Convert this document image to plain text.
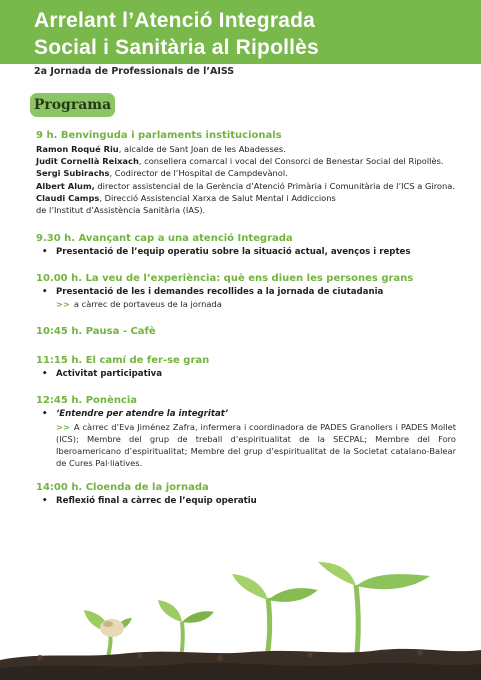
Arrelant l’Atenció Integrada
Social i Sanitària al Ripollès
2a Jornada de Professionals de l’AISS
Programa

9 h. Benvinguda i parlaments institucionals

Ramon Roqué Riu, alcalde de Sant Joan de les Abadesses.

Judit Cornellà Reixach, consellera comarcal i vocal del Consorci de Benestar Social del Ripollès.

Sergi Subirachs, Codirector de l’Hospital de Campdevànol.

Albert Alum, director assistencial de la Gerència d’Atenció Primària i Comunitària de l’ICS a Girona.

Claudi Camps, Direcció Assistencial Xarxa de Salut Mental i Addiccions
de l’Institut d’Assistència Sanitària (IAS).

9.30 h. Avançant cap a una atenció Integrada

• Presentació de l’equip operatiu sobre la situació actual, avenços i reptes

10.00 h. La veu de l’experiència: què ens diuen les persones grans

• Presentació de les i demandes recollides a la jornada de ciutadania

>> a càrrec de portaveus de la jornada

10:45 h. Pausa - Cafè

11:15 h. El camí de fer-se gran

• Activitat participativa

12:45 h. Ponència

• ‘Entendre per atendre la integritat’

>> A càrrec d’Eva Jiménez Zafra, infermera i coordinadora de PADES Granollers i PADES Mollet (ICS); Membre del grup de treball d’espiritualitat de la SECPAL; Membre del Foro Iberoamericano d’espiritualitat; Membre del grup d’espiritualitat de la Societat catalano-Balear de Cures Pal·liatives.

14:00 h. Cloenda de la jornada

• Reflexió final a càrrec de l’equip operatiu
